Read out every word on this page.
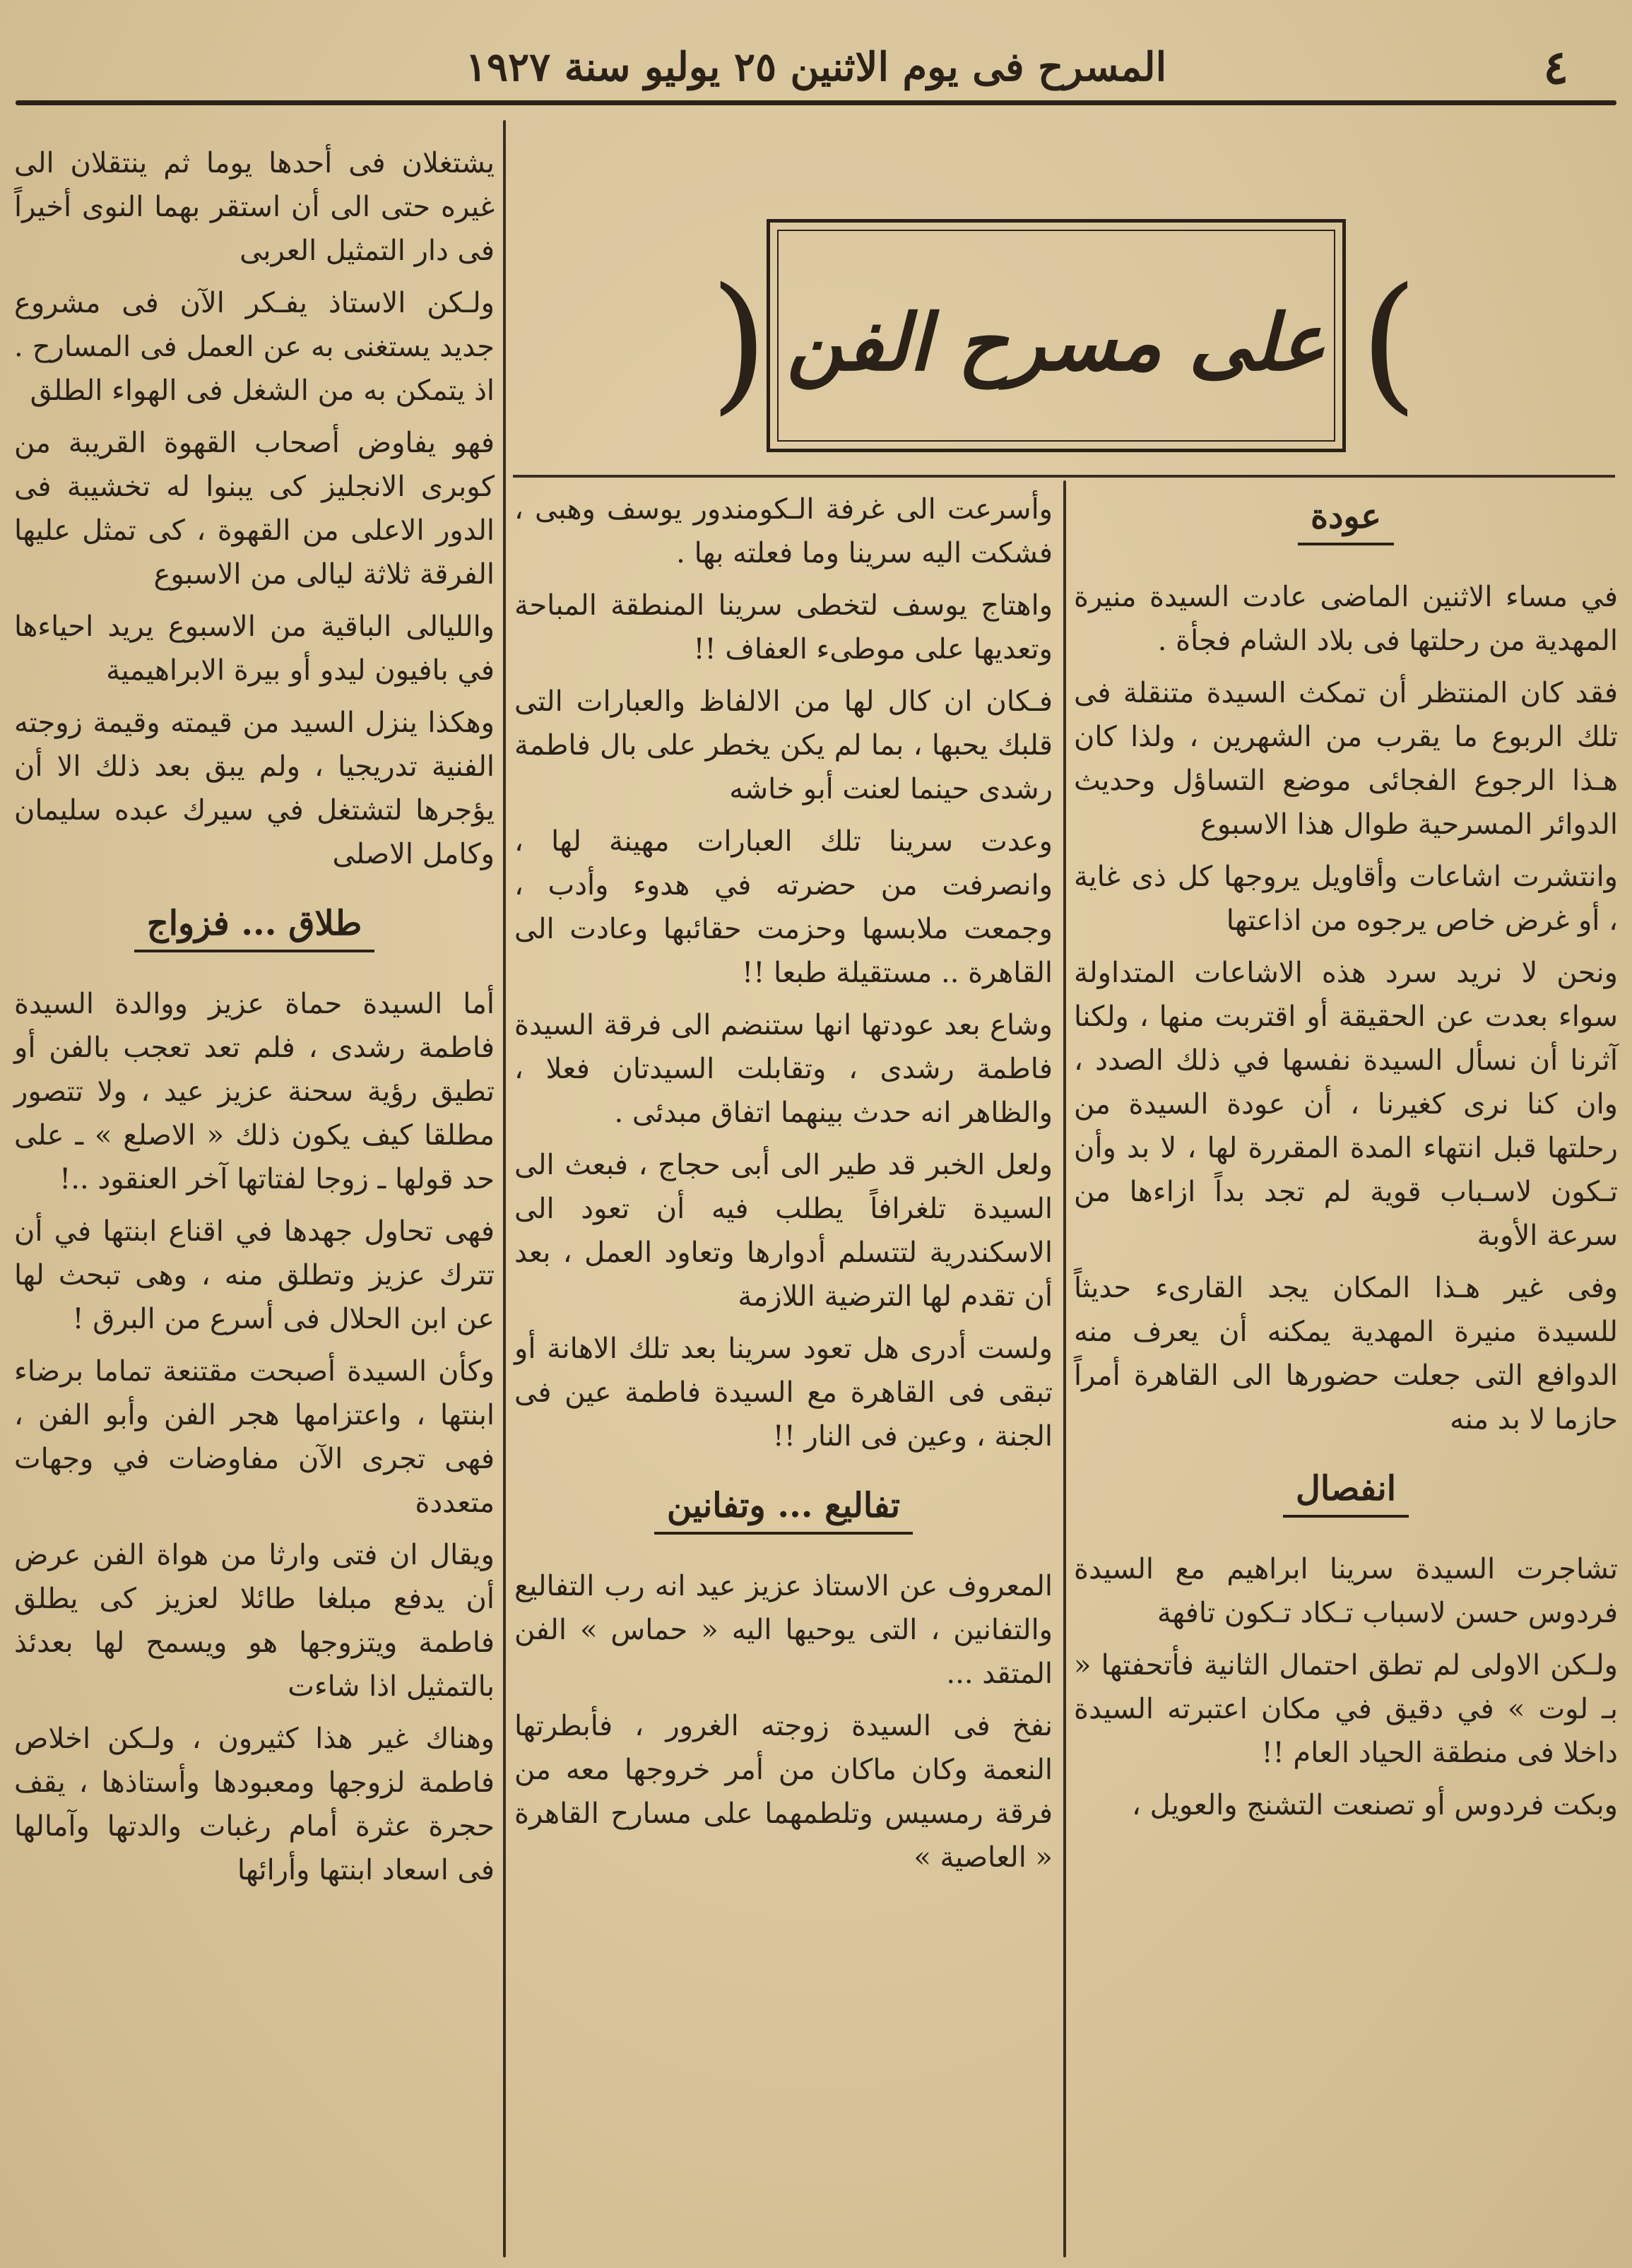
٤
المسرح فى يوم الاثنين ٢٥ يوليو سنة ١٩٢٧
)
( على مسرح الفن
عودة
في مساء الاثنين الماضى عادت السيدة منيرة المهدية من رحلتها فى بلاد الشام فجأة .
فقد كان المنتظر أن تمكث السيدة متنقلة فى تلك الربوع ما يقرب من الشهرين ، ولذا كان هـذا الرجوع الفجائى موضع التساؤل وحديث الدوائر المسرحية طوال هذا الاسبوع
وانتشرت اشاعات وأقاويل يروجها كل ذى غاية ، أو غرض خاص يرجوه من اذاعتها
ونحن لا نريد سرد هذه الاشاعات المتداولة سواء بعدت عن الحقيقة أو اقتربت منها ، ولكنا آثرنا أن نسأل السيدة نفسها في ذلك الصدد ، وان كنا نرى كغيرنا ، أن عودة السيدة من رحلتها قبل انتهاء المدة المقررة لها ، لا بد وأن تـكون لاسـباب قوية لم تجد بداً ازاءها من سرعة الأوبة
وفى غير هـذا المكان يجد القارىء حديثاً للسيدة منيرة المهدية يمكنه أن يعرف منه الدوافع التى جعلت حضورها الى القاهرة أمراً حازما لا بد منه
انفصال
تشاجرت السيدة سرينا ابراهيم مع السيدة فردوس حسن لاسباب تـكاد تـكون تافهة
ولـكن الاولى لم تطق احتمال الثانية فأتحفتها « بـ لوت » في دقيق في مكان اعتبرته السيدة داخلا فى منطقة الحياد العام !!
وبكت فردوس أو تصنعت التشنج والعويل ،
وأسرعت الى غرفة الـكومندور يوسف وهبى ، فشكت اليه سرينا وما فعلته بها .
واهتاج يوسف لتخطى سرينا المنطقة المباحة وتعديها على موطىء العفاف !!
فـكان ان كال لها من الالفاظ والعبارات التى قلبك يحبها ، بما لم يكن يخطر على بال فاطمة رشدى حينما لعنت أبو خاشه
وعدت سرينا تلك العبارات مهينة لها ، وانصرفت من حضرته في هدوء وأدب ، وجمعت ملابسها وحزمت حقائبها وعادت الى القاهرة .. مستقيلة طبعا !!
وشاع بعد عودتها انها ستنضم الى فرقة السيدة فاطمة رشدى ، وتقابلت السيدتان فعلا ، والظاهر انه حدث بينهما اتفاق مبدئى .
ولعل الخبر قد طير الى أبى حجاج ، فبعث الى السيدة تلغرافاً يطلب فيه أن تعود الى الاسكندرية لتتسلم أدوارها وتعاود العمل ، بعد أن تقدم لها الترضية اللازمة
ولست أدرى هل تعود سرينا بعد تلك الاهانة أو تبقى فى القاهرة مع السيدة فاطمة عين فى الجنة ، وعين فى النار !!
تفاليع ... وتفانين
المعروف عن الاستاذ عزيز عيد انه رب التفاليع والتفانين ، التى يوحيها اليه « حماس » الفن المتقد ...
نفخ فى السيدة زوجته الغرور ، فأبطرتها النعمة وكان ماكان من أمر خروجها معه من فرقة رمسيس وتلطمهما على مسارح القاهرة « العاصية »
يشتغلان فى أحدها يوما ثم ينتقلان الى غيره حتى الى أن استقر بهما النوى أخيراً فى دار التمثيل العربى
ولـكن الاستاذ يفـكر الآن فى مشروع جديد يستغنى به عن العمل فى المسارح . اذ يتمكن به من الشغل فى الهواء الطلق
فهو يفاوض أصحاب القهوة القريبة من كوبرى الانجليز كى يبنوا له تخشيبة فى الدور الاعلى من القهوة ، كى تمثل عليها الفرقة ثلاثة ليالى من الاسبوع
والليالى الباقية من الاسبوع يريد احياءها في بافيون ليدو أو بيرة الابراهيمية
وهكذا ينزل السيد من قيمته وقيمة زوجته الفنية تدريجيا ، ولم يبق بعد ذلك الا أن يؤجرها لتشتغل في سيرك عبده سليمان وكامل الاصلى
طلاق ... فزواج
أما السيدة حماة عزيز ووالدة السيدة فاطمة رشدى ، فلم تعد تعجب بالفن أو تطيق رؤية سحنة عزيز عيد ، ولا تتصور مطلقا كيف يكون ذلك « الاصلع » ـ على حد قولها ـ زوجا لفتاتها آخر العنقود ..!
فهى تحاول جهدها في اقناع ابنتها في أن تترك عزيز وتطلق منه ، وهى تبحث لها عن ابن الحلال فى أسرع من البرق !
وكأن السيدة أصبحت مقتنعة تماما برضاء ابنتها ، واعتزامها هجر الفن وأبو الفن ، فهى تجرى الآن مفاوضات في وجهات متعددة
ويقال ان فتى وارثا من هواة الفن عرض أن يدفع مبلغا طائلا لعزيز كى يطلق فاطمة ويتزوجها هو ويسمح لها بعدئذ بالتمثيل اذا شاءت
وهناك غير هذا كثيرون ، ولـكن اخلاص فاطمة لزوجها ومعبودها وأستاذها ، يقف حجرة عثرة أمام رغبات والدتها وآمالها فى اسعاد ابنتها وأرائها
